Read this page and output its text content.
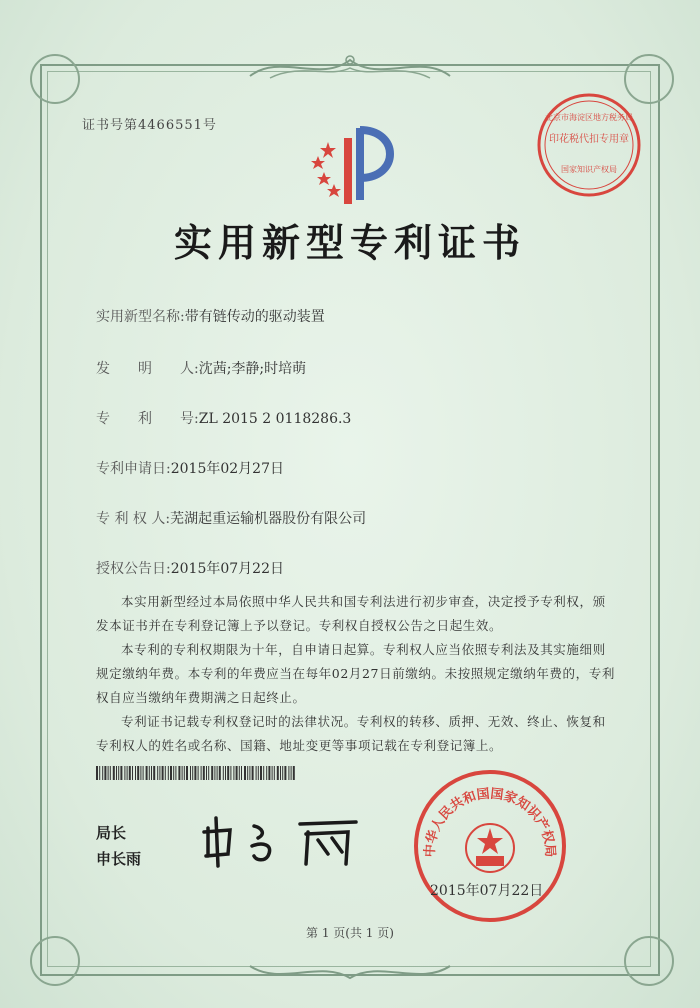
证书号第4466551号
实用新型专利证书
实用新型名称:带有链传动的驱动装置
发　　明　　人:沈茜;李静;时培萌
专　　利　　号:ZL 2015 2 0118286.3
专利申请日:2015年02月27日
专 利 权 人:芜湖起重运输机器股份有限公司
授权公告日:2015年07月22日

本实用新型经过本局依照中华人民共和国专利法进行初步审查，决定授予专利权，颁发本证书并在专利登记簿上予以登记。专利权自授权公告之日起生效。

本专利的专利权期限为十年，自申请日起算。专利权人应当依照专利法及其实施细则规定缴纳年费。本专利的年费应当在每年02月27日前缴纳。未按照规定缴纳年费的，专利权自应当缴纳年费期满之日起终止。

专利证书记载专利权登记时的法律状况。专利权的转移、质押、无效、终止、恢复和专利权人的姓名或名称、国籍、地址变更等事项记载在专利登记簿上。

局长
申长雨
印花税代扣专用章
北京市海淀区地方税务局
国家知识产权局
中华人民共和国国家知识产权局
2015年07月22日
第 1 页(共 1 页)
